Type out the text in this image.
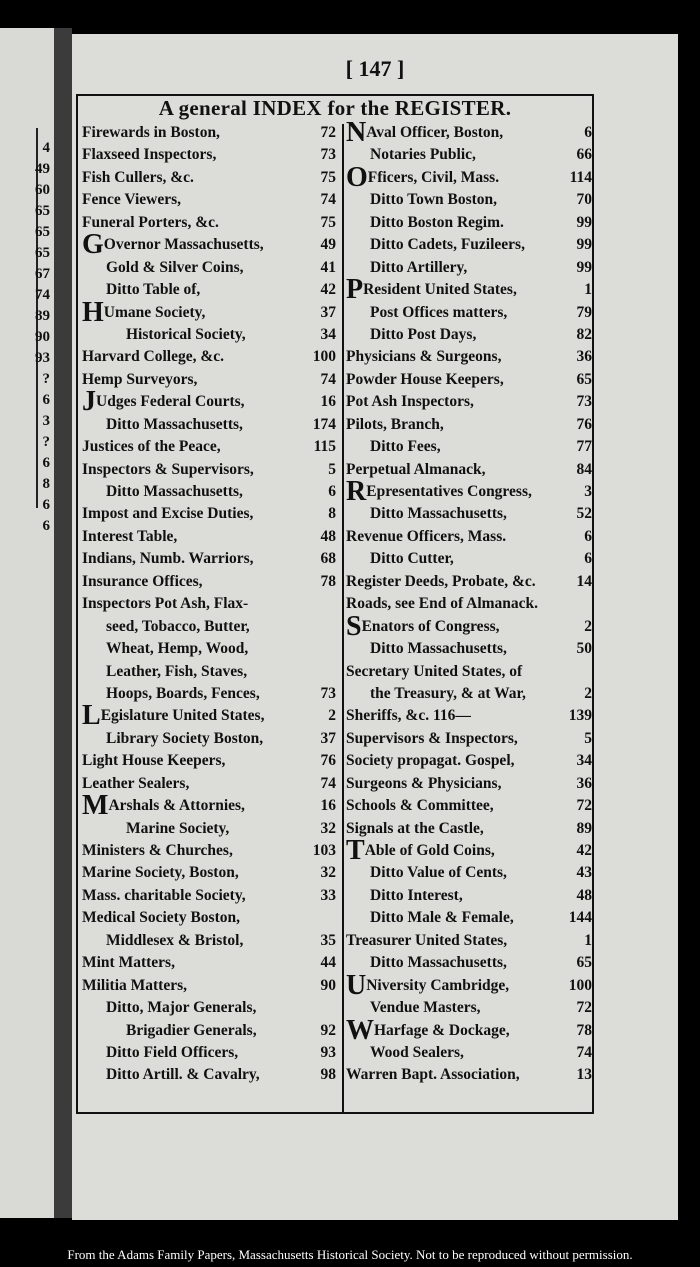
4
49
60
65
65
65
67
74
89
90
93
?
6
3
?
6
8
6
6
[ 147 ]
A general INDEX for the REGISTER.
Firewards in Boston,	72
Flaxseed Inspectors,	73
Fish Cullers, &c.	75
Fence Viewers,	74
Funeral Porters, &c.	75
GOvernor Massachusetts,	49
Gold & Silver Coins,	41
Ditto Table of,	42
HUmane Society,	37
Historical Society,	34
Harvard College, &c.	100
Hemp Surveyors,	74
JUdges Federal Courts,	16
Ditto Massachusetts,	174
Justices of the Peace,	115
Inspectors & Supervisors,	5
Ditto Massachusetts,	6
Impost and Excise Duties,	8
Interest Table,	48
Indians, Numb. Warriors,	68
Insurance Offices,	78
Inspectors Pot Ash, Flax-
seed, Tobacco, Butter,
Wheat, Hemp, Wood,
Leather, Fish, Staves,
Hoops, Boards, Fences,	73
LEgislature United States,	2
Library Society Boston,	37
Light House Keepers,	76
Leather Sealers,	74
MArshals & Attornies,	16
Marine Society,	32
Ministers & Churches,	103
Marine Society, Boston,	32
Mass. charitable Society,	33
Medical Society Boston,
Middlesex & Bristol,	35
Mint Matters,	44
Militia Matters,	90
Ditto, Major Generals,
Brigadier Generals,	92
Ditto Field Officers,	93
Ditto Artill. & Cavalry,	98
NAval Officer, Boston,	6
Notaries Public,	66
OFficers, Civil, Mass.	114
Ditto Town Boston,	70
Ditto Boston Regim.	99
Ditto Cadets, Fuzileers,	99
Ditto Artillery,	99
PResident United States,	1
Post Offices matters,	79
Ditto Post Days,	82
Physicians & Surgeons,	36
Powder House Keepers,	65
Pot Ash Inspectors,	73
Pilots, Branch,	76
Ditto Fees,	77
Perpetual Almanack,	84
REpresentatives Congress,	3
Ditto Massachusetts,	52
Revenue Officers, Mass.	6
Ditto Cutter,	6
Register Deeds, Probate, &c.	14
Roads, see End of Almanack.
SEnators of Congress,	2
Ditto Massachusetts,	50
Secretary United States, of
the Treasury, & at War,	2
Sheriffs, &c. 116—	139
Supervisors & Inspectors,	5
Society propagat. Gospel,	34
Surgeons & Physicians,	36
Schools & Committee,	72
Signals at the Castle,	89
TAble of Gold Coins,	42
Ditto Value of Cents,	43
Ditto Interest,	48
Ditto Male & Female,	144
Treasurer United States,	1
Ditto Massachusetts,	65
UNiversity Cambridge,	100
Vendue Masters,	72
WHarfage & Dockage,	78
Wood Sealers,	74
Warren Bapt. Association,	13
From the Adams Family Papers, Massachusetts Historical Society. Not to be reproduced without permission.
